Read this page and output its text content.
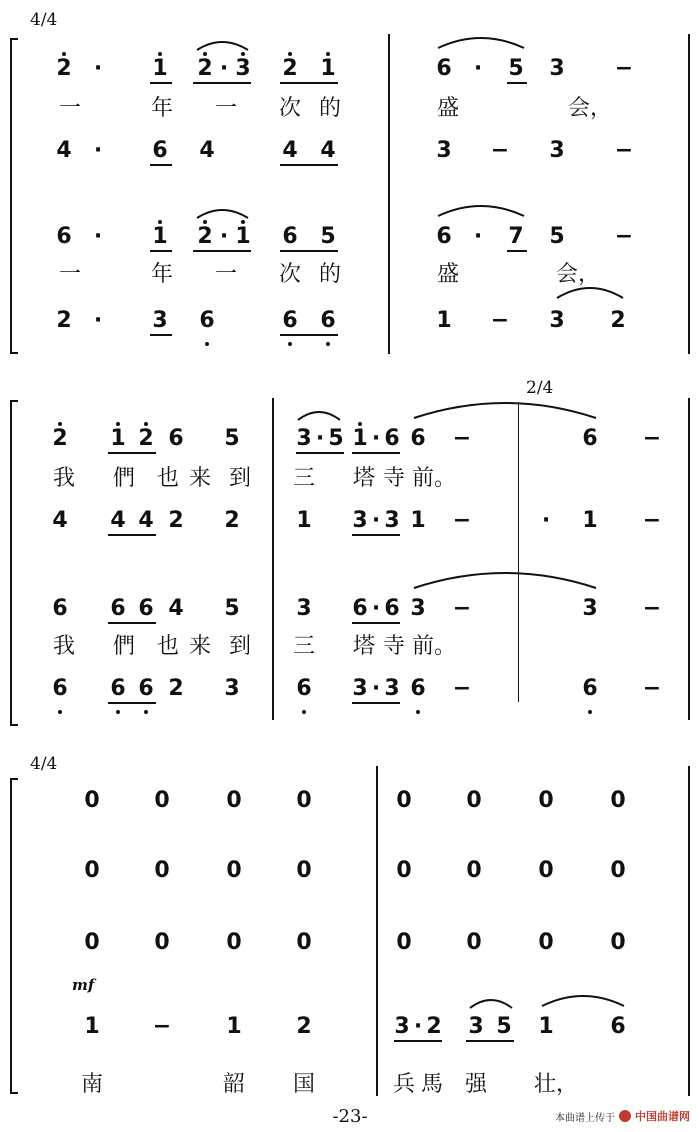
4/4
2 · 1 2 · 3 2 1	6 · 5 3 −
一	年 一 次 的	盛	会，
4 · 6 4	4 4	3 − 3 −
6 · 1 2 · 1 6 5	6 · 7 5 −
一	年 一 次 的	盛	会，
2 · 3 6	6 6	1 − 3 2
2/4
2 1 2 6 5	3 · 5 1 · 6 6 −	6 −
我 們 也 来 到 三 塔 寺 前。
4 4 4 2 2	1 3 · 3 1 −	· 1 −
6 6 6 4 5	3 6 · 6 3 −	3 −
我 們 也 来 到 三 塔 寺 前。
6 6 6 2 3	6 3 · 3 6 −	6 −
4/4
0 0	0 0	0 0	0	0
0 0	0 0	0 0	0	0
0 0	0 0	0 0	0	0
mf
1 −	1 2	3 · 2 3 5 1	6
南	韶 国	兵 馬 强 壮，
-23-	本曲谱上传于 中国曲谱网
